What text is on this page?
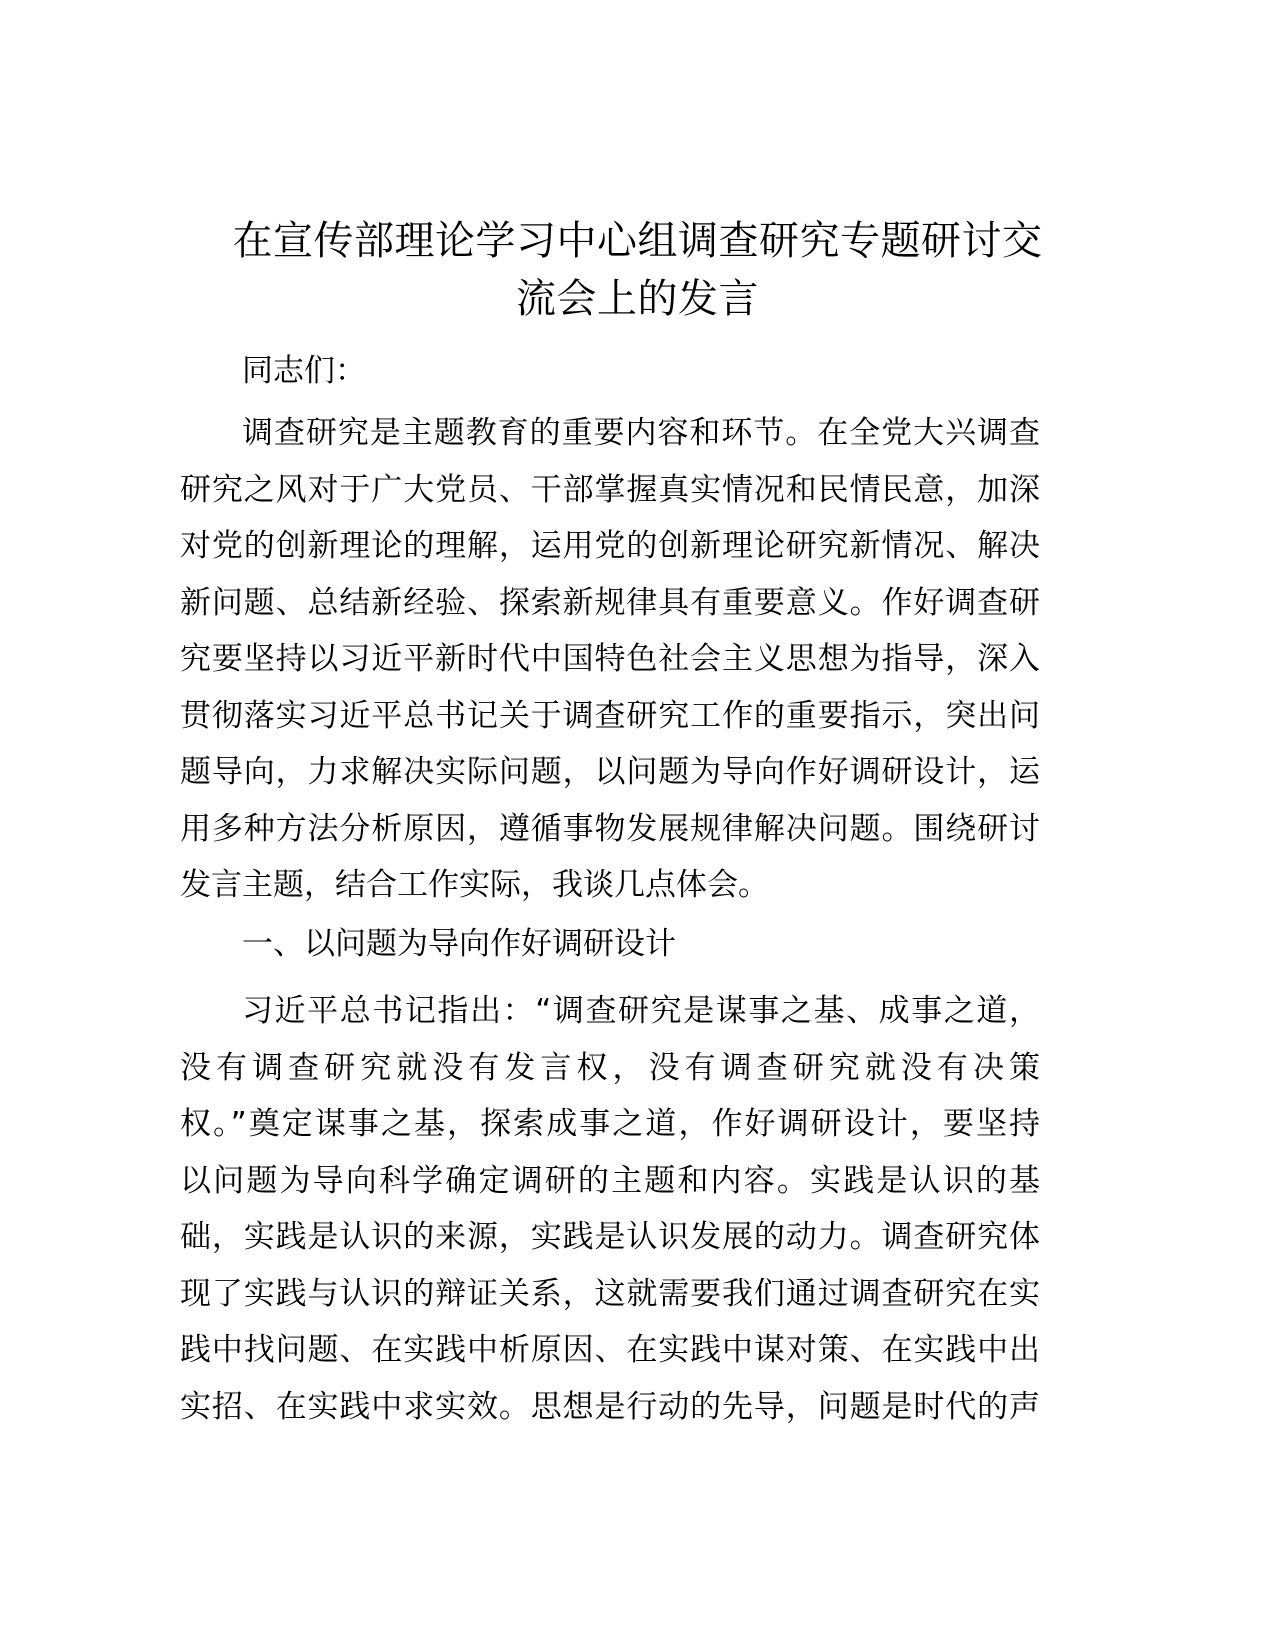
在宣传部理论学习中心组调查研究专题研讨交
流会上的发言
同志们：
调查研究是主题教育的重要内容和环节。在全党大兴调查
研究之风对于广大党员、干部掌握真实情况和民情民意，加深
对党的创新理论的理解，运用党的创新理论研究新情况、解决
新问题、总结新经验、探索新规律具有重要意义。作好调查研
究要坚持以习近平新时代中国特色社会主义思想为指导，深入
贯彻落实习近平总书记关于调查研究工作的重要指示，突出问
题导向，力求解决实际问题，以问题为导向作好调研设计，运
用多种方法分析原因，遵循事物发展规律解决问题。围绕研讨
发言主题，结合工作实际，我谈几点体会。
一、以问题为导向作好调研设计
习近平总书记指出：“调查研究是谋事之基、成事之道，
没有调查研究就没有发言权，没有调查研究就没有决策
权。”奠定谋事之基，探索成事之道，作好调研设计，要坚持
以问题为导向科学确定调研的主题和内容。实践是认识的基
础，实践是认识的来源，实践是认识发展的动力。调查研究体
现了实践与认识的辩证关系，这就需要我们通过调查研究在实
践中找问题、在实践中析原因、在实践中谋对策、在实践中出
实招、在实践中求实效。思想是行动的先导，问题是时代的声
